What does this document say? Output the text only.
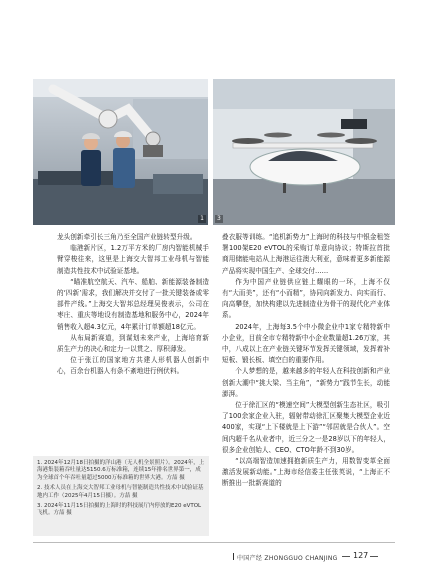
1	3

龙头创新牵引长三角乃至全国产业链转型升级。

临港新片区，1.2万平方米的厂房内智能机械手臂穿梭往来，这里是上海交大智邦工业母机与智能制造共性技术中试验证基地。

“瞄准航空航天、汽车、船舶、新能源装备制造的‘四新’需求，我们解决并交付了一批关键装备或零部件产线。”上海交大智邦总经理吴俊表示，公司在枣庄、重庆等地设有制造基地和服务中心，2024年销售收入超4.3亿元，4年累计订单额超18亿元。

从布局新赛道，到谋划未来产业，上海培育新质生产力的决心和定力一以贯之、厚积薄发。

位于张江的国家地方共建人形机器人创新中心，百余台机器人有条不紊地进行例伏料。

1. 2024年12月18日拍摄的洋山港（无人机全景照片）。2024年，上海港集装箱吞吐量达5150.6万标准箱，连续15年排名世界第一，成为全球首个年吞吐量超过5000万标准箱的世界大港。方喆 摄

2. 技术人员在上海交大智邦工业母机与智能制造共性技术中试验证基地内工作（2025年4月15日摄）。方喆 摄

3. 2024年11月15日拍摄的上海时的科技展厅内停放的E20 eVTOL飞机。方喆 摄

叠衣服等训练。“追机新势力”上海时的科技与中银金租签署100架E20 eVTOL的采购订单意向协议；特斯拉首批商用储能电站从上海港运往澳大利亚，意味着更多新能源产品将实现中国生产、全球交付……

作为中国产业链供应链上耀眼的一环，上海不仅有“大而美”，还有“小而精”，协同向新发力、向实而行、向高攀登，加快构建以先进制造业为骨干的现代化产业体系。

2024年，上海每3.5个中小微企业中1家专精特新中小企业，目前全市专精特新中小企业数量超1.26万家，其中，八成以上在产业链关键环节发挥关键领域，发挥着补短板、锻长板、填空白的重要作用。

个人梦想的是，越来越多的年轻人在科技创新和产业创新大潮中“挑大梁、当主角”，“新势力”践节生长，动能澎湃。

位于徐汇区的“模速空间”大模型创新生态社区，吸引了100余家企业入驻，辐射带动徐汇区聚集大模型企业近400家，实现“上下楼就是上下游”“邻居就是合伙人”。空间内超千名从业者中，近三分之一是28岁以下的年轻人，很多企业创始人、CEO、CTO年龄不到30岁。

“以高端智造加速拥抱新质生产力，用数智变革全面激活发展新动能。”上海市经信委主任张英说，“上海正不断推出一批新赛道的

中国产经 ZHONGGUO CHANJING 127
